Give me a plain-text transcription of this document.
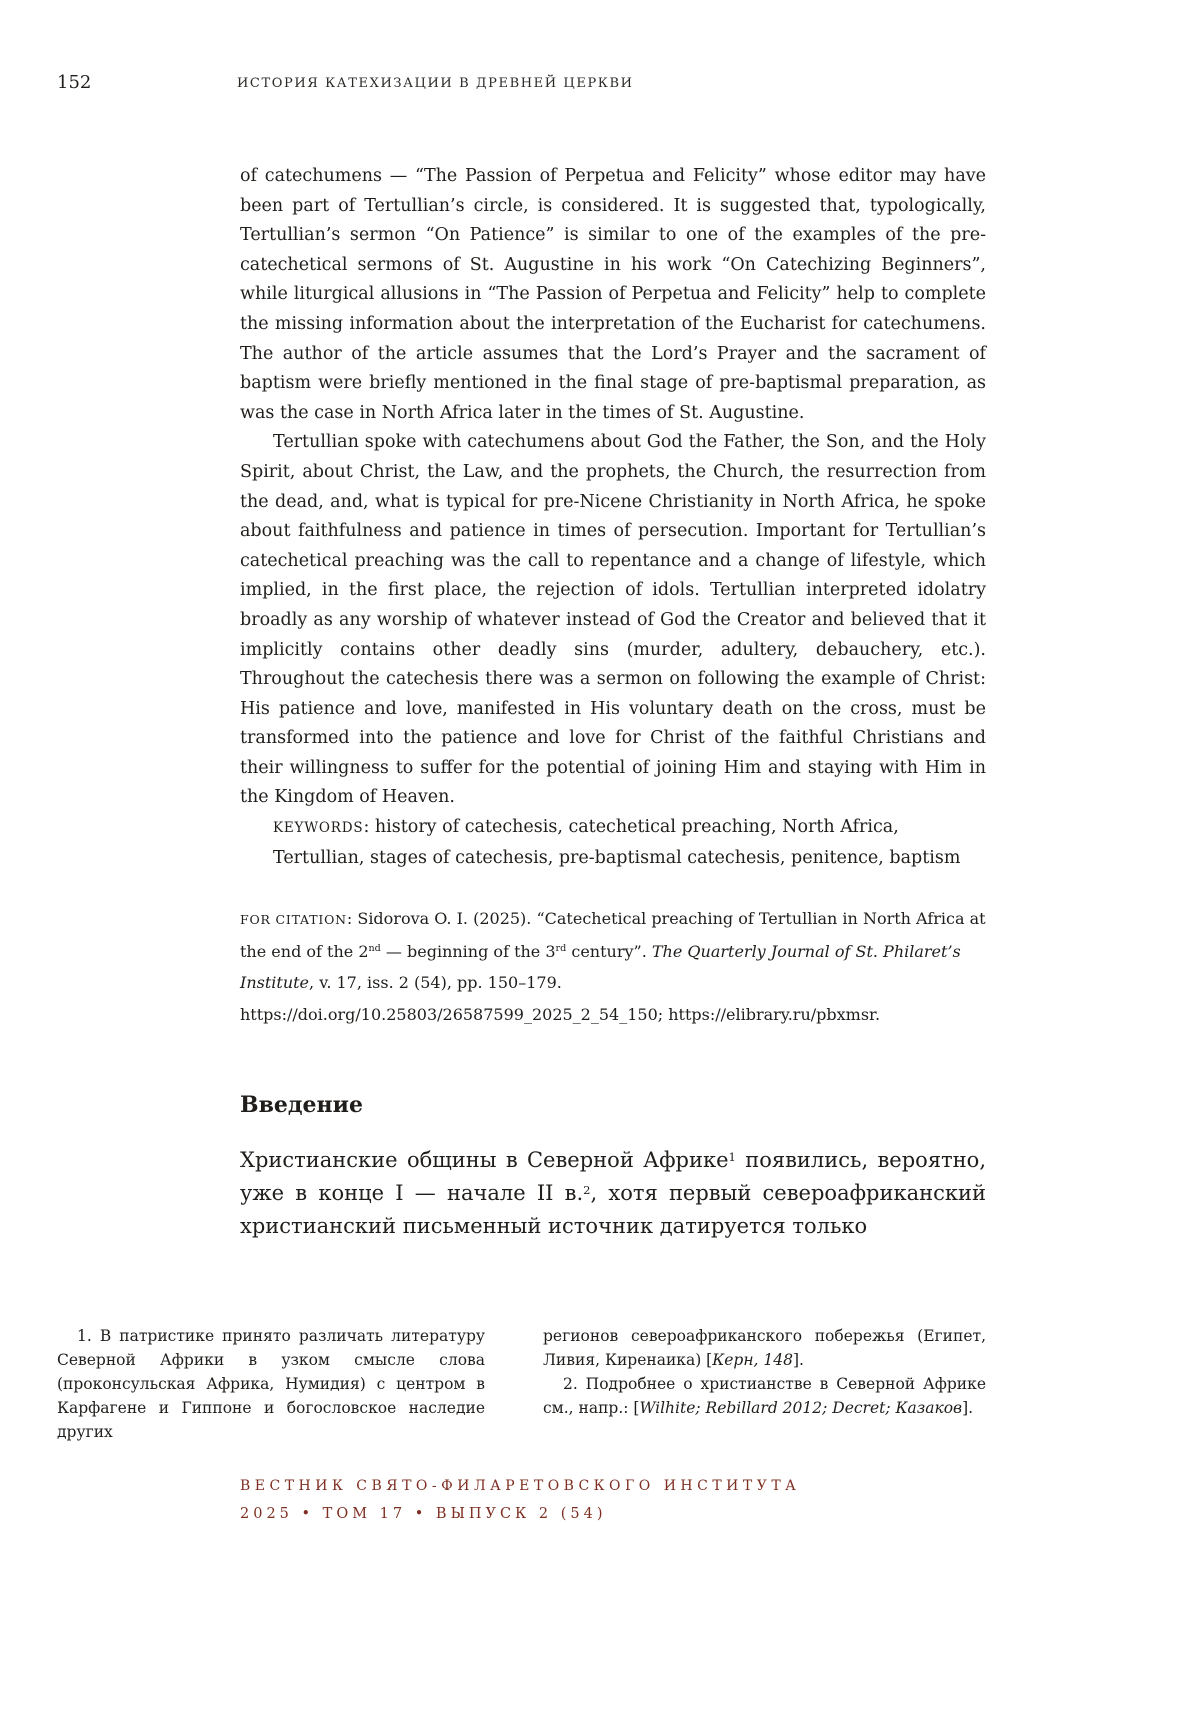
152	ИСТОРИЯ КАТЕХИЗАЦИИ В ДРЕВНЕЙ ЦЕРКВИ

of catechumens — “The Passion of Perpetua and Felicity” whose editor may have been part of Tertullian’s circle, is considered. It is suggested that, typologically, Tertullian’s sermon “On Patience” is similar to one of the examples of the pre-catechetical sermons of St. Augustine in his work “On Catechizing Beginners”, while liturgical allusions in “The Passion of Perpetua and Felicity” help to complete the missing information about the interpretation of the Eucharist for catechumens. The author of the article assumes that the Lord’s Prayer and the sacrament of baptism were briefly mentioned in the final stage of pre-baptismal preparation, as was the case in North Africa later in the times of St. Augustine.

Tertullian spoke with catechumens about God the Father, the Son, and the Holy Spirit, about Christ, the Law, and the prophets, the Church, the resurrection from the dead, and, what is typical for pre-Nicene Christianity in North Africa, he spoke about faithfulness and patience in times of persecution. Important for Tertullian’s catechetical preaching was the call to repentance and a change of lifestyle, which implied, in the first place, the rejection of idols. Tertullian interpreted idolatry broadly as any worship of whatever instead of God the Creator and believed that it implicitly contains other deadly sins (murder, adultery, debauchery, etc.). Throughout the catechesis there was a sermon on following the example of Christ: His patience and love, manifested in His voluntary death on the cross, must be transformed into the patience and love for Christ of the faithful Christians and their willingness to suffer for the potential of joining Him and staying with Him in the Kingdom of Heaven.

KEYWORDS: history of catechesis, catechetical preaching, North Africa, Tertullian, stages of catechesis, pre-baptismal catechesis, penitence, baptism

FOR CITATION: Sidorova O. I. (2025). “Catechetical preaching of Tertullian in North Africa at the end of the 2nd — beginning of the 3rd century”. The Quarterly Journal of St. Philaret’s Institute, v. 17, iss. 2 (54), pp. 150–179. https://doi.org/10.25803/26587599_2025_2_54_150; https://elibrary.ru/pbxmsr.

Введение

Христианские общины в Северной Африке$^1$ появились, вероятно, уже в конце I — начале II в.$^2$, хотя первый североафриканский христианский письменный источник датируется только

1. В патристике принято различать литературу Северной Африки в узком смысле слова (проконсульская Африка, Нумидия) с центром в Карфагене и Гиппоне и богословское наследие других

регионов североафриканского побережья (Египет, Ливия, Киренаика) [Керн, 148].

2. Подробнее о христианстве в Северной Африке см., напр.: [Wilhite; Rebillard 2012; Decret; Казаков].

ВЕСТНИК СВЯТО-ФИЛАРЕТОВСКОГО ИНСТИТУТА
2025 • ТОМ 17 • ВЫПУСК 2 (54)
